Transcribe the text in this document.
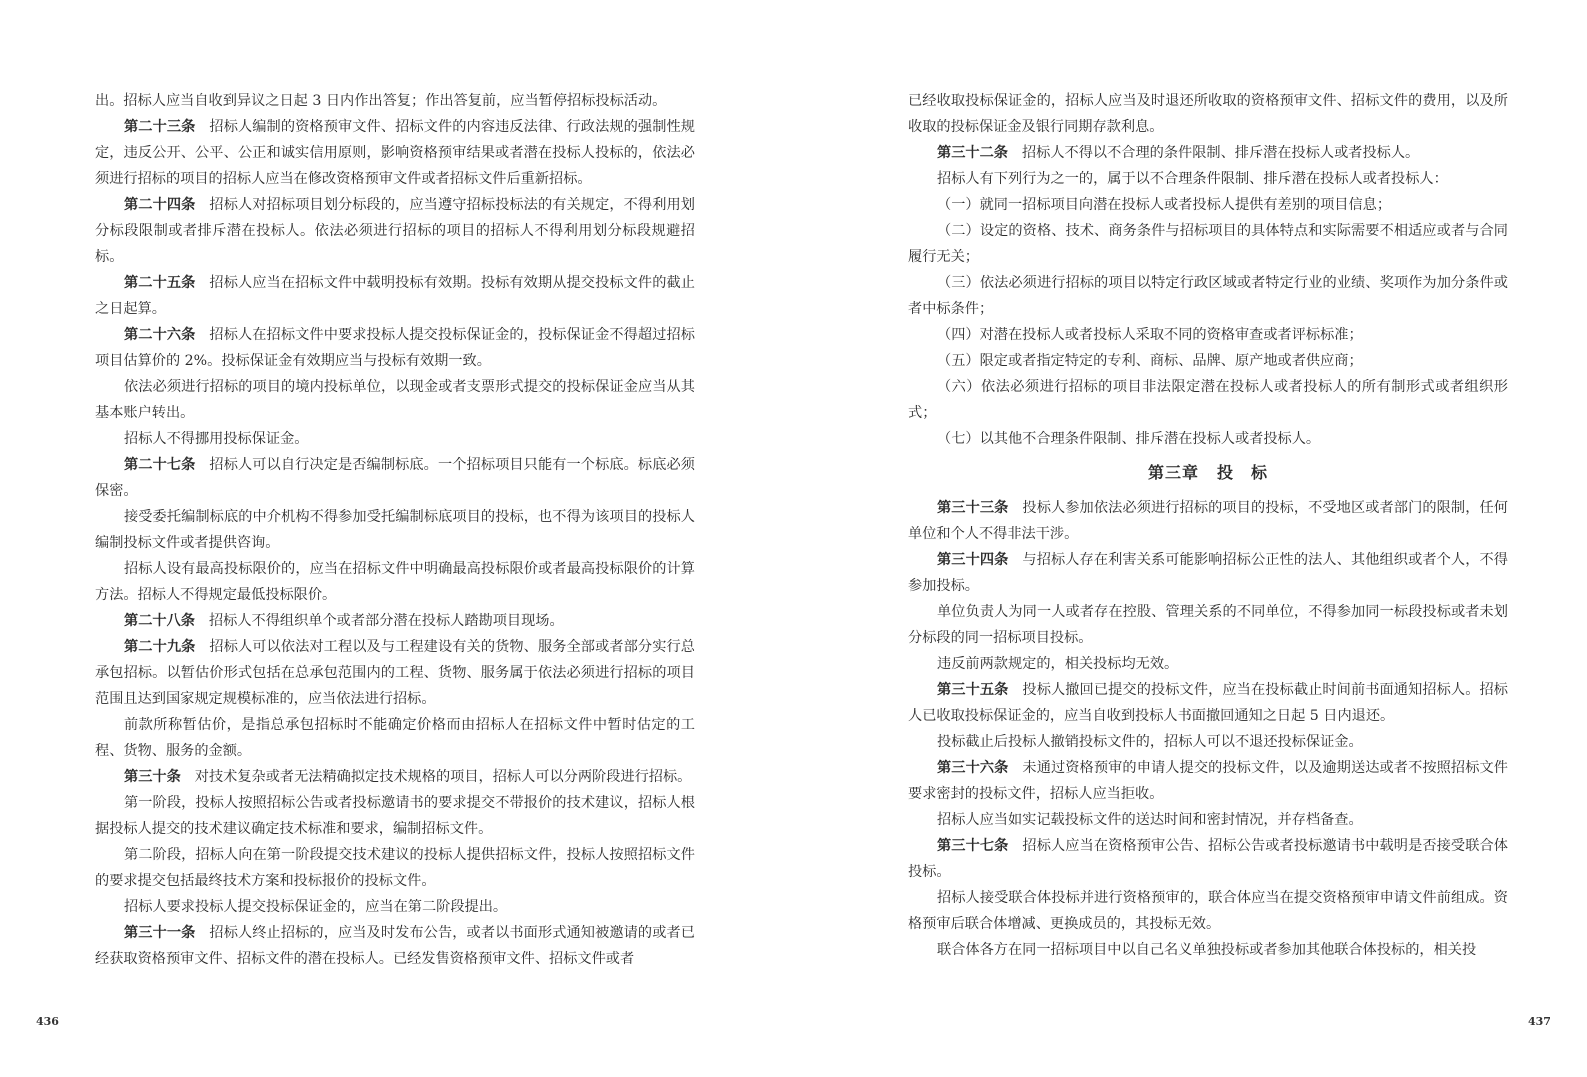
出。招标人应当自收到异议之日起 3 日内作出答复；作出答复前，应当暂停招标投标活动。

第二十三条 招标人编制的资格预审文件、招标文件的内容违反法律、行政法规的强制性规定，违反公开、公平、公正和诚实信用原则，影响资格预审结果或者潜在投标人投标的，依法必须进行招标的项目的招标人应当在修改资格预审文件或者招标文件后重新招标。

第二十四条 招标人对招标项目划分标段的，应当遵守招标投标法的有关规定，不得利用划分标段限制或者排斥潜在投标人。依法必须进行招标的项目的招标人不得利用划分标段规避招标。

第二十五条 招标人应当在招标文件中载明投标有效期。投标有效期从提交投标文件的截止之日起算。

第二十六条 招标人在招标文件中要求投标人提交投标保证金的，投标保证金不得超过招标项目估算价的 2%。投标保证金有效期应当与投标有效期一致。

依法必须进行招标的项目的境内投标单位，以现金或者支票形式提交的投标保证金应当从其基本账户转出。

招标人不得挪用投标保证金。

第二十七条 招标人可以自行决定是否编制标底。一个招标项目只能有一个标底。标底必须保密。

接受委托编制标底的中介机构不得参加受托编制标底项目的投标，也不得为该项目的投标人编制投标文件或者提供咨询。

招标人设有最高投标限价的，应当在招标文件中明确最高投标限价或者最高投标限价的计算方法。招标人不得规定最低投标限价。

第二十八条 招标人不得组织单个或者部分潜在投标人踏勘项目现场。

第二十九条 招标人可以依法对工程以及与工程建设有关的货物、服务全部或者部分实行总承包招标。以暂估价形式包括在总承包范围内的工程、货物、服务属于依法必须进行招标的项目范围且达到国家规定规模标准的，应当依法进行招标。

前款所称暂估价，是指总承包招标时不能确定价格而由招标人在招标文件中暂时估定的工程、货物、服务的金额。

第三十条 对技术复杂或者无法精确拟定技术规格的项目，招标人可以分两阶段进行招标。

第一阶段，投标人按照招标公告或者投标邀请书的要求提交不带报价的技术建议，招标人根据投标人提交的技术建议确定技术标准和要求，编制招标文件。

第二阶段，招标人向在第一阶段提交技术建议的投标人提供招标文件，投标人按照招标文件的要求提交包括最终技术方案和投标报价的投标文件。

招标人要求投标人提交投标保证金的，应当在第二阶段提出。

第三十一条 招标人终止招标的，应当及时发布公告，或者以书面形式通知被邀请的或者已经获取资格预审文件、招标文件的潜在投标人。已经发售资格预审文件、招标文件或者

已经收取投标保证金的，招标人应当及时退还所收取的资格预审文件、招标文件的费用，以及所收取的投标保证金及银行同期存款利息。

第三十二条 招标人不得以不合理的条件限制、排斥潜在投标人或者投标人。

招标人有下列行为之一的，属于以不合理条件限制、排斥潜在投标人或者投标人：

（一）就同一招标项目向潜在投标人或者投标人提供有差别的项目信息；

（二）设定的资格、技术、商务条件与招标项目的具体特点和实际需要不相适应或者与合同履行无关；

（三）依法必须进行招标的项目以特定行政区域或者特定行业的业绩、奖项作为加分条件或者中标条件；

（四）对潜在投标人或者投标人采取不同的资格审查或者评标标准；

（五）限定或者指定特定的专利、商标、品牌、原产地或者供应商；

（六）依法必须进行招标的项目非法限定潜在投标人或者投标人的所有制形式或者组织形式；

（七）以其他不合理条件限制、排斥潜在投标人或者投标人。

第三章 投　标

第三十三条 投标人参加依法必须进行招标的项目的投标，不受地区或者部门的限制，任何单位和个人不得非法干涉。

第三十四条 与招标人存在利害关系可能影响招标公正性的法人、其他组织或者个人，不得参加投标。

单位负责人为同一人或者存在控股、管理关系的不同单位，不得参加同一标段投标或者未划分标段的同一招标项目投标。

违反前两款规定的，相关投标均无效。

第三十五条 投标人撤回已提交的投标文件，应当在投标截止时间前书面通知招标人。招标人已收取投标保证金的，应当自收到投标人书面撤回通知之日起 5 日内退还。

投标截止后投标人撤销投标文件的，招标人可以不退还投标保证金。

第三十六条 未通过资格预审的申请人提交的投标文件，以及逾期送达或者不按照招标文件要求密封的投标文件，招标人应当拒收。

招标人应当如实记载投标文件的送达时间和密封情况，并存档备查。

第三十七条 招标人应当在资格预审公告、招标公告或者投标邀请书中载明是否接受联合体投标。

招标人接受联合体投标并进行资格预审的，联合体应当在提交资格预审申请文件前组成。资格预审后联合体增减、更换成员的，其投标无效。

联合体各方在同一招标项目中以自己名义单独投标或者参加其他联合体投标的，相关投

436	437
